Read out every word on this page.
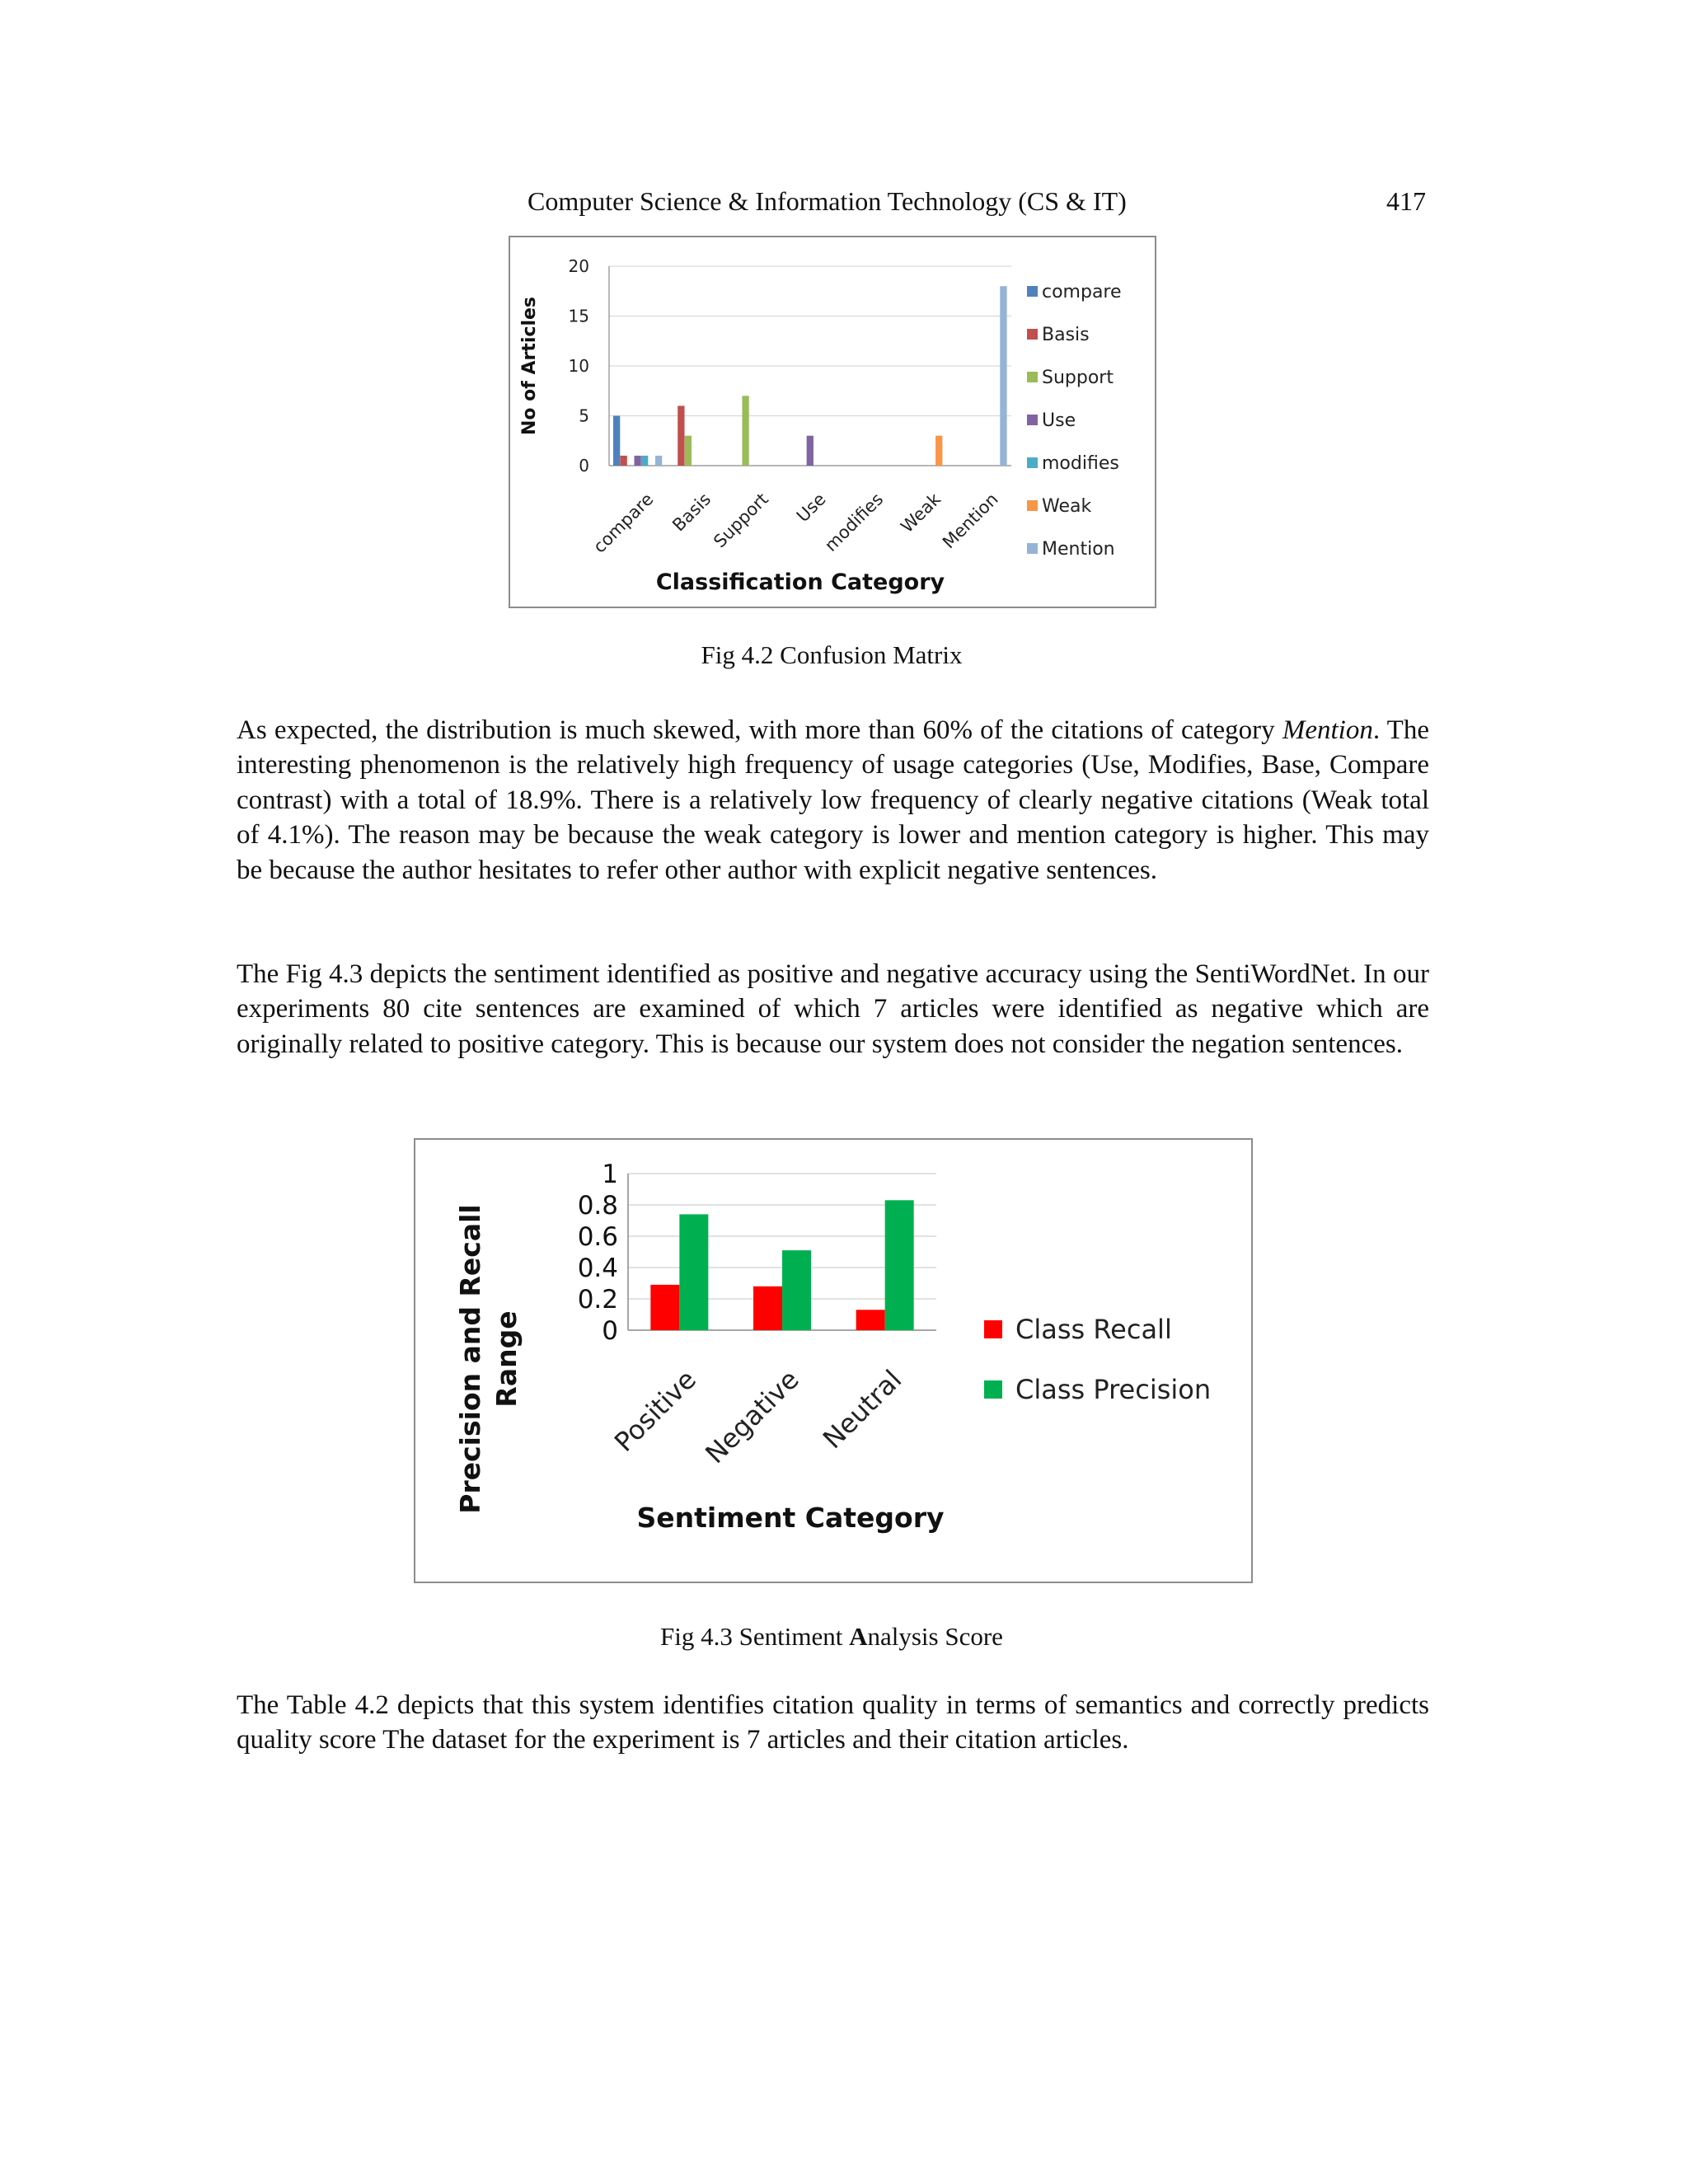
Computer Science & Information Technology (CS & IT)	417
0
5
10
15
20
compare Basis
Support Use
modifies Weak
Mention
Classification Category
No of Articles
compare
Basis
Support
Use
modifies
Weak
Mention
Fig 4.2 Confusion Matrix
As expected, the distribution is much skewed, with more than 60% of the citations of category Mention. The interesting phenomenon is the relatively high frequency of usage categories (Use, Modifies, Base, Compare contrast) with a total of 18.9%. There is a relatively low frequency of clearly negative citations (Weak total of 4.1%). The reason may be because the weak category is lower and mention category is higher. This may be because the author hesitates to refer other author with explicit negative sentences.
The Fig 4.3 depicts the sentiment identified as positive and negative accuracy using the SentiWordNet. In our experiments 80 cite sentences are examined of which 7 articles were identified as negative which are originally related to positive category. This is because our system does not consider the negation sentences.
0
0.2
0.4
0.6
0.8
1
Positive
Negative Neutral
Sentiment Category
Precision and Recall Range	Class Recall
Class Precision
Fig 4.3 Sentiment Analysis Score
The Table 4.2 depicts that this system identifies citation quality in terms of semantics and correctly predicts quality score The dataset for the experiment is 7 articles and their citation articles.
